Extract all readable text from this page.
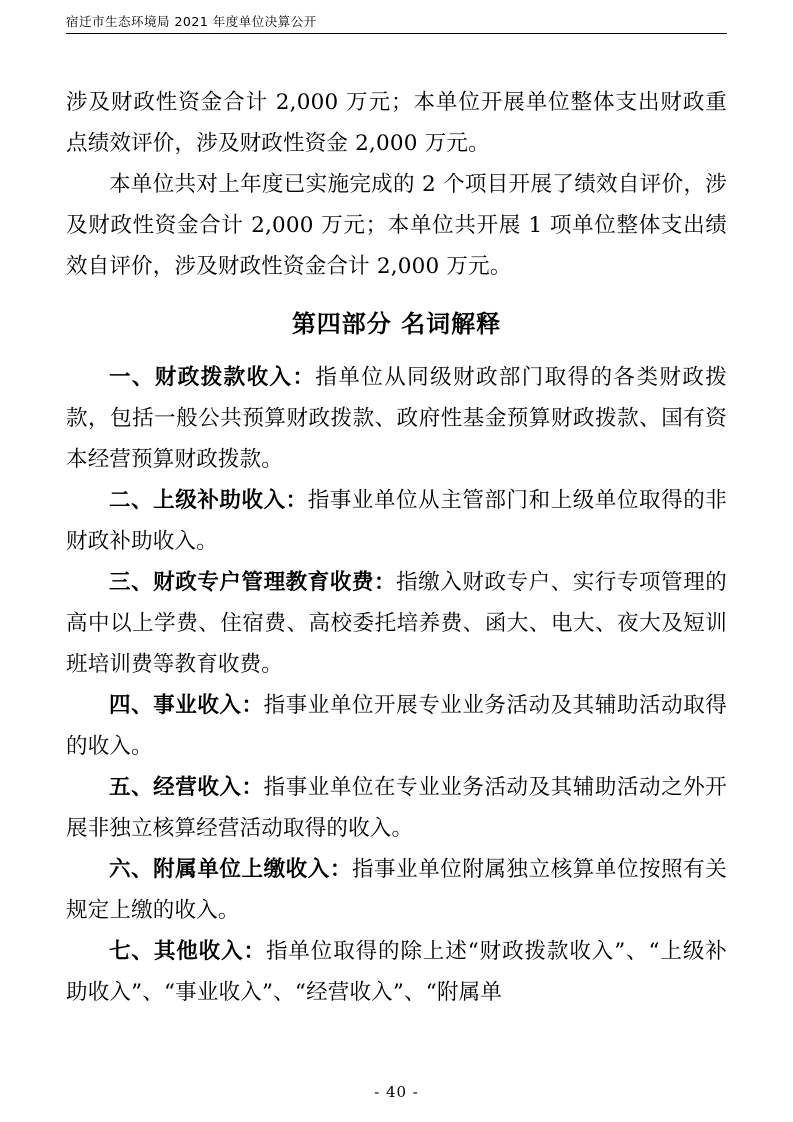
宿迁市生态环境局 2021 年度单位决算公开

涉及财政性资金合计 2,000 万元；本单位开展单位整体支出财政重点绩效评价，涉及财政性资金 2,000 万元。

本单位共对上年度已实施完成的 2 个项目开展了绩效自评价，涉及财政性资金合计 2,000 万元；本单位共开展 1 项单位整体支出绩效自评价，涉及财政性资金合计 2,000 万元。

第四部分 名词解释

一、财政拨款收入：指单位从同级财政部门取得的各类财政拨款，包括一般公共预算财政拨款、政府性基金预算财政拨款、国有资本经营预算财政拨款。

二、上级补助收入：指事业单位从主管部门和上级单位取得的非财政补助收入。

三、财政专户管理教育收费：指缴入财政专户、实行专项管理的高中以上学费、住宿费、高校委托培养费、函大、电大、夜大及短训班培训费等教育收费。

四、事业收入：指事业单位开展专业业务活动及其辅助活动取得的收入。

五、经营收入：指事业单位在专业业务活动及其辅助活动之外开展非独立核算经营活动取得的收入。

六、附属单位上缴收入：指事业单位附属独立核算单位按照有关规定上缴的收入。

七、其他收入：指单位取得的除上述“财政拨款收入”、“上级补助收入”、“事业收入”、“经营收入”、“附属单

- 40 -
